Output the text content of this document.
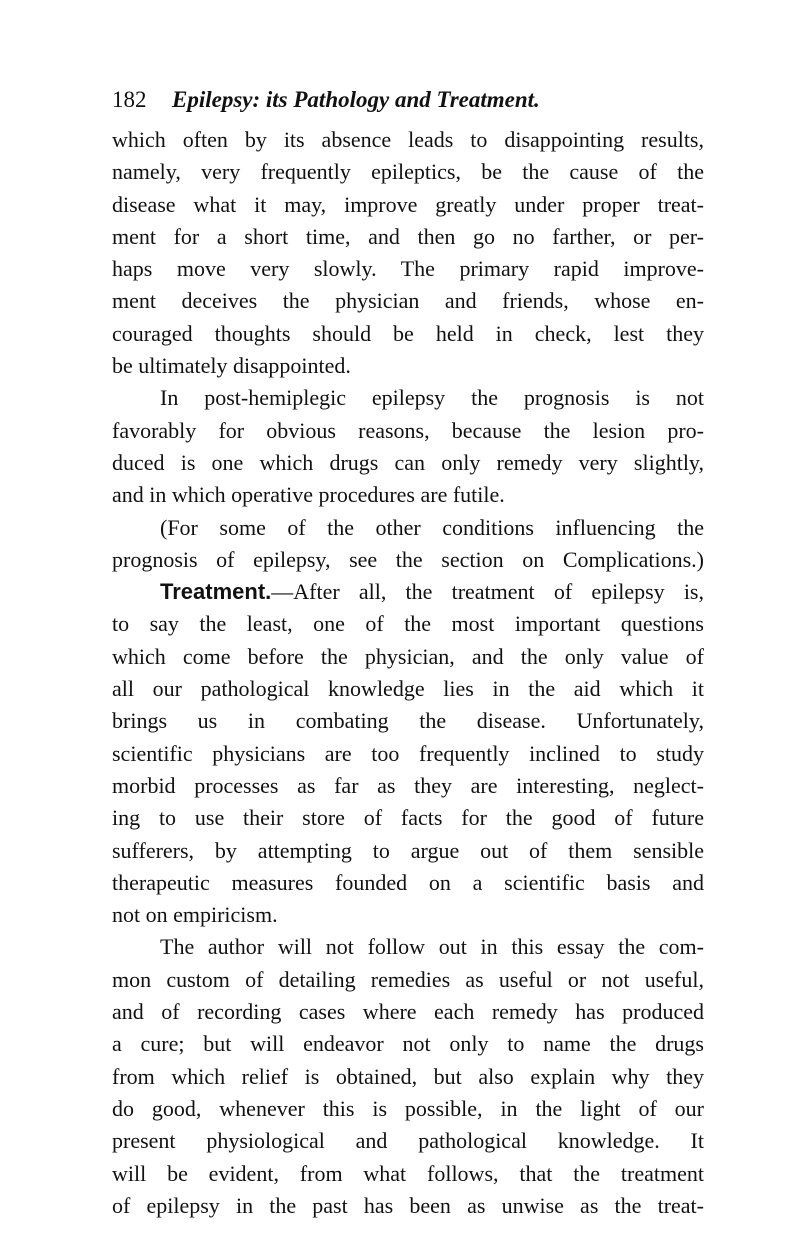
182 Epilepsy: its Pathology and Treatment.
which often by its absence leads to disappointing results,
namely, very frequently epileptics, be the cause of the
disease what it may, improve greatly under proper treat-
ment for a short time, and then go no farther, or per-
haps move very slowly. The primary rapid improve-
ment deceives the physician and friends, whose en-
couraged thoughts should be held in check, lest they
be ultimately disappointed.
In post-hemiplegic epilepsy the prognosis is not
favorably for obvious reasons, because the lesion pro-
duced is one which drugs can only remedy very slightly,
and in which operative procedures are futile.
(For some of the other conditions influencing the
prognosis of epilepsy, see the section on Complications.)
Treatment.—After all, the treatment of epilepsy is,
to say the least, one of the most important questions
which come before the physician, and the only value of
all our pathological knowledge lies in the aid which it
brings us in combating the disease. Unfortunately,
scientific physicians are too frequently inclined to study
morbid processes as far as they are interesting, neglect-
ing to use their store of facts for the good of future
sufferers, by attempting to argue out of them sensible
therapeutic measures founded on a scientific basis and
not on empiricism.
The author will not follow out in this essay the com-
mon custom of detailing remedies as useful or not useful,
and of recording cases where each remedy has produced
a cure; but will endeavor not only to name the drugs
from which relief is obtained, but also explain why they
do good, whenever this is possible, in the light of our
present physiological and pathological knowledge. It
will be evident, from what follows, that the treatment
of epilepsy in the past has been as unwise as the treat-
